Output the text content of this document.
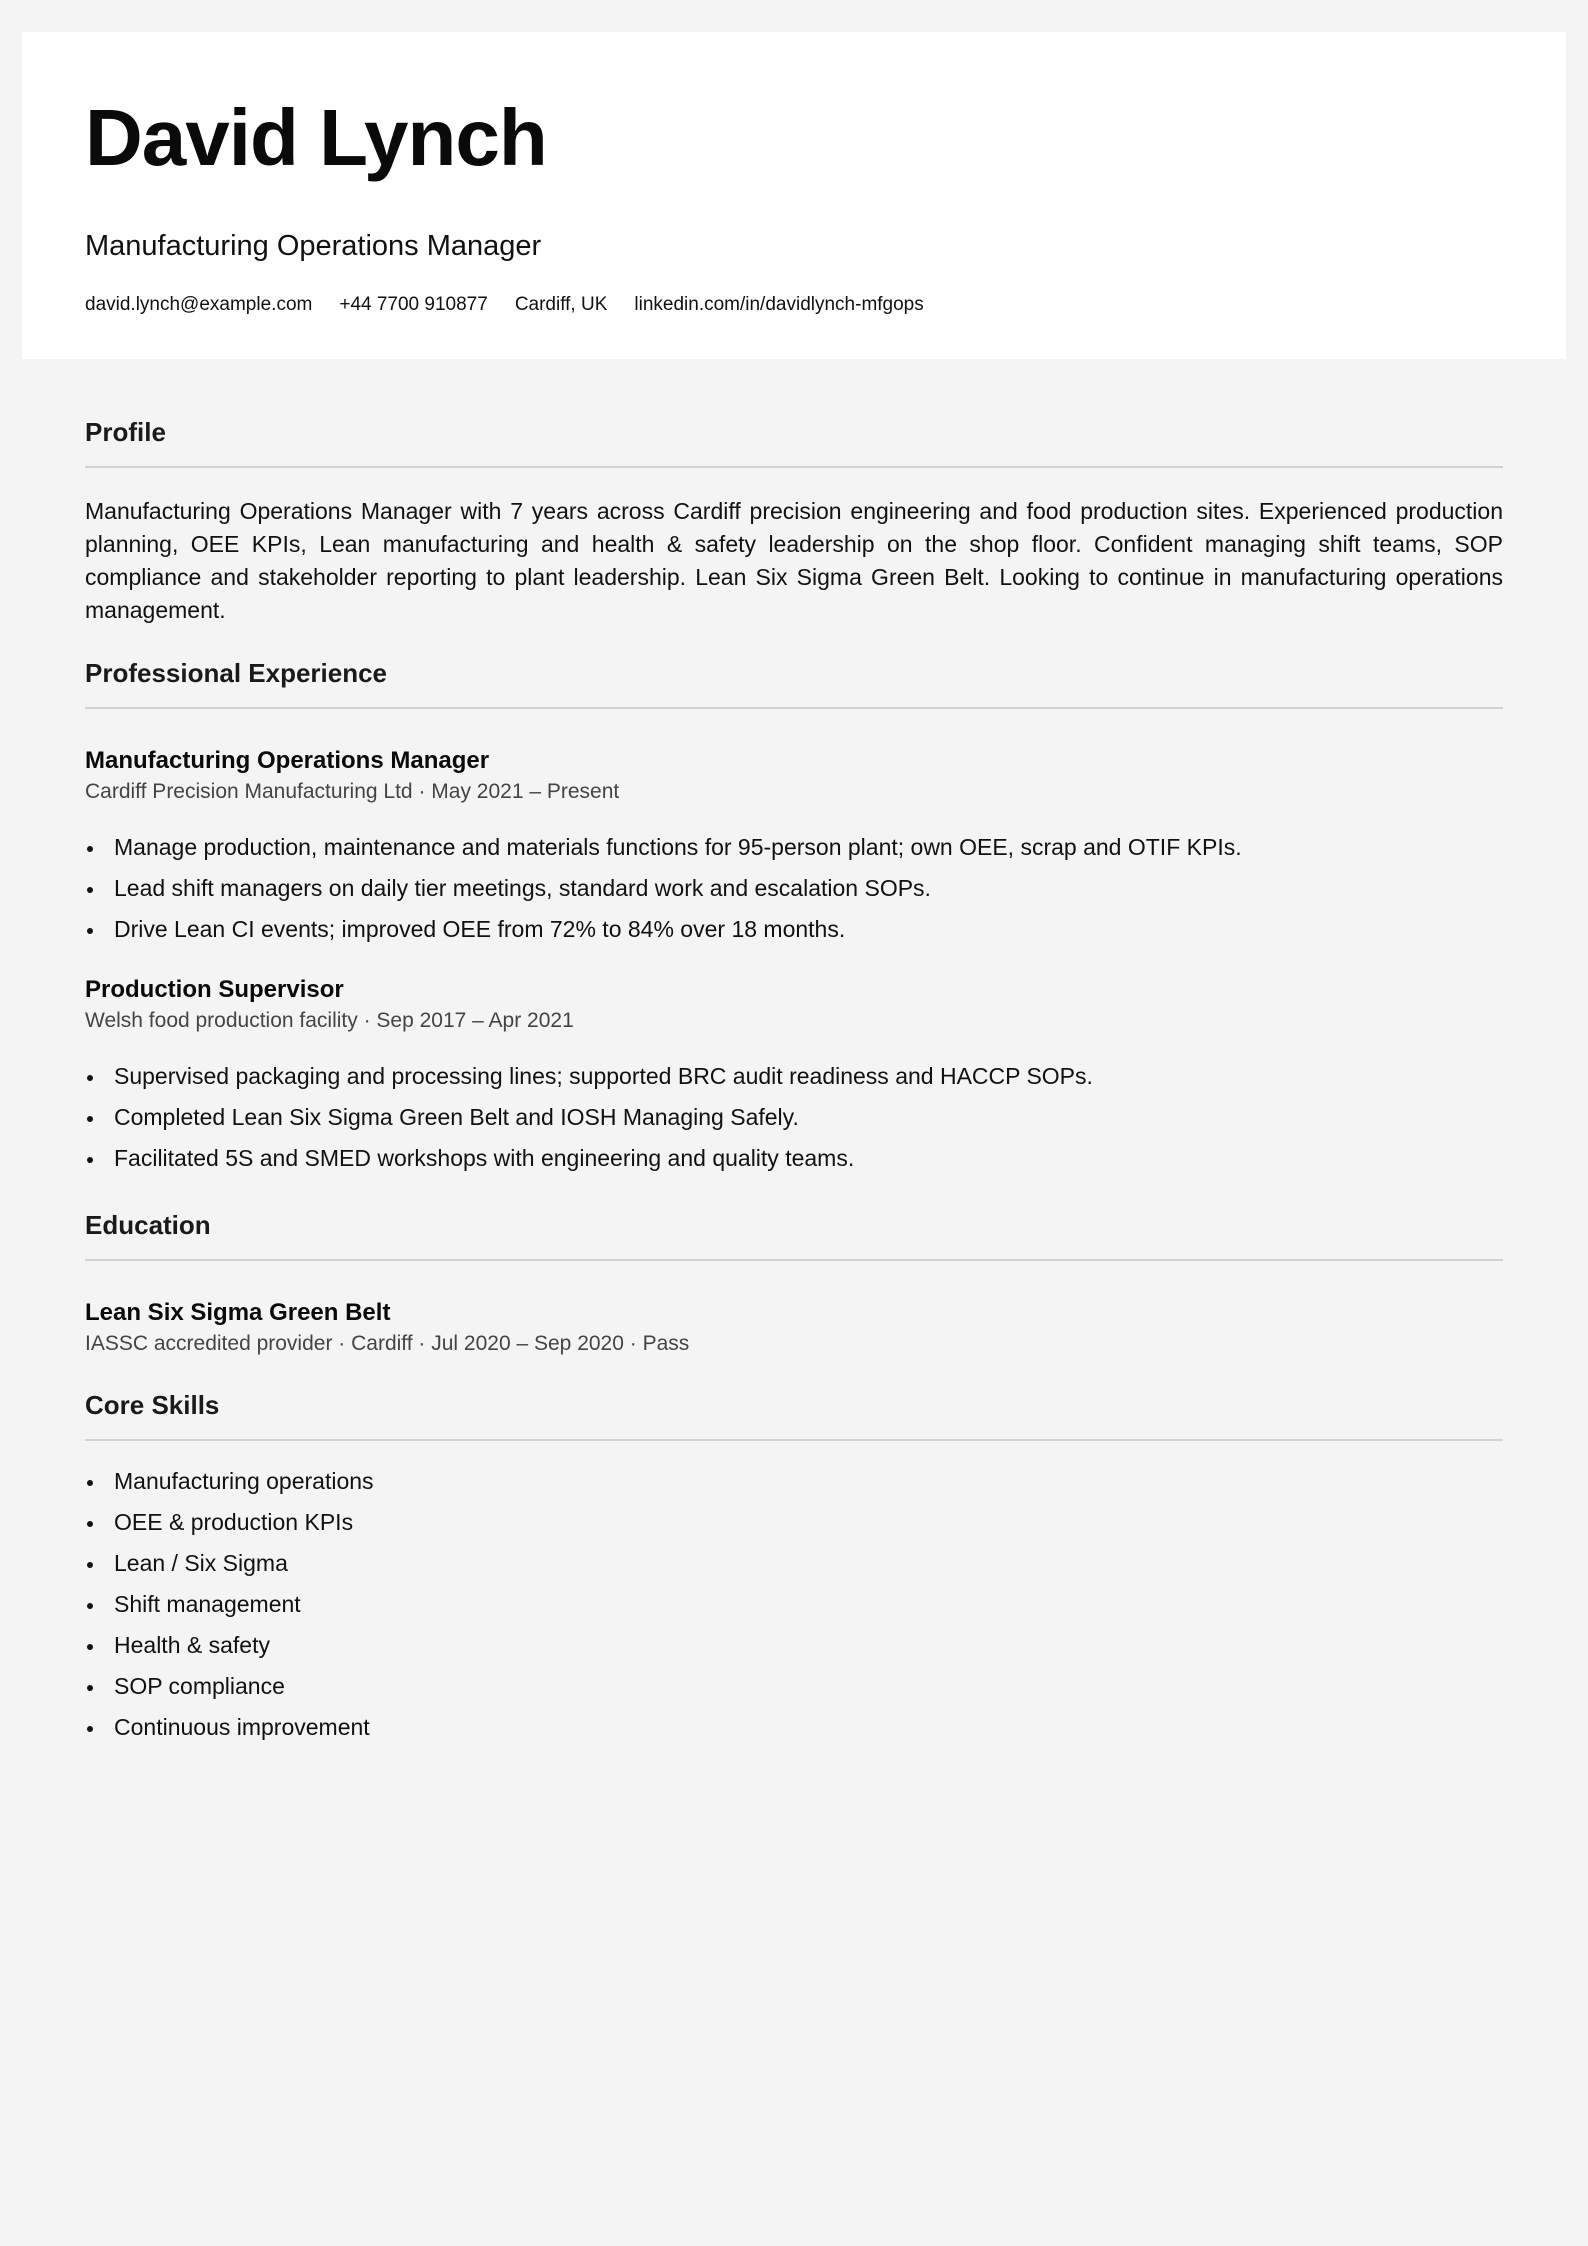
David Lynch
Manufacturing Operations Manager
david.lynch@example.com +44 7700 910877 Cardiff, UK linkedin.com/in/davidlynch-mfgops
Profile

Manufacturing Operations Manager with 7 years across Cardiff precision engineering and food production sites. Experienced production planning, OEE KPIs, Lean manufacturing and health & safety leadership on the shop floor. Confident managing shift teams, SOP compliance and stakeholder reporting to plant leadership. Lean Six Sigma Green Belt. Looking to continue in manufacturing operations management.

Professional Experience
Manufacturing Operations Manager
Cardiff Precision Manufacturing Ltd · May 2021 – Present
Manage production, maintenance and materials functions for 95-person plant; own OEE, scrap and OTIF KPIs.
Lead shift managers on daily tier meetings, standard work and escalation SOPs.
Drive Lean CI events; improved OEE from 72% to 84% over 18 months.
Production Supervisor
Welsh food production facility · Sep 2017 – Apr 2021
Supervised packaging and processing lines; supported BRC audit readiness and HACCP SOPs.
Completed Lean Six Sigma Green Belt and IOSH Managing Safely.
Facilitated 5S and SMED workshops with engineering and quality teams.
Education
Lean Six Sigma Green Belt
IASSC accredited provider · Cardiff · Jul 2020 – Sep 2020 · Pass
Core Skills
Manufacturing operations
OEE & production KPIs
Lean / Six Sigma
Shift management
Health & safety
SOP compliance
Continuous improvement
